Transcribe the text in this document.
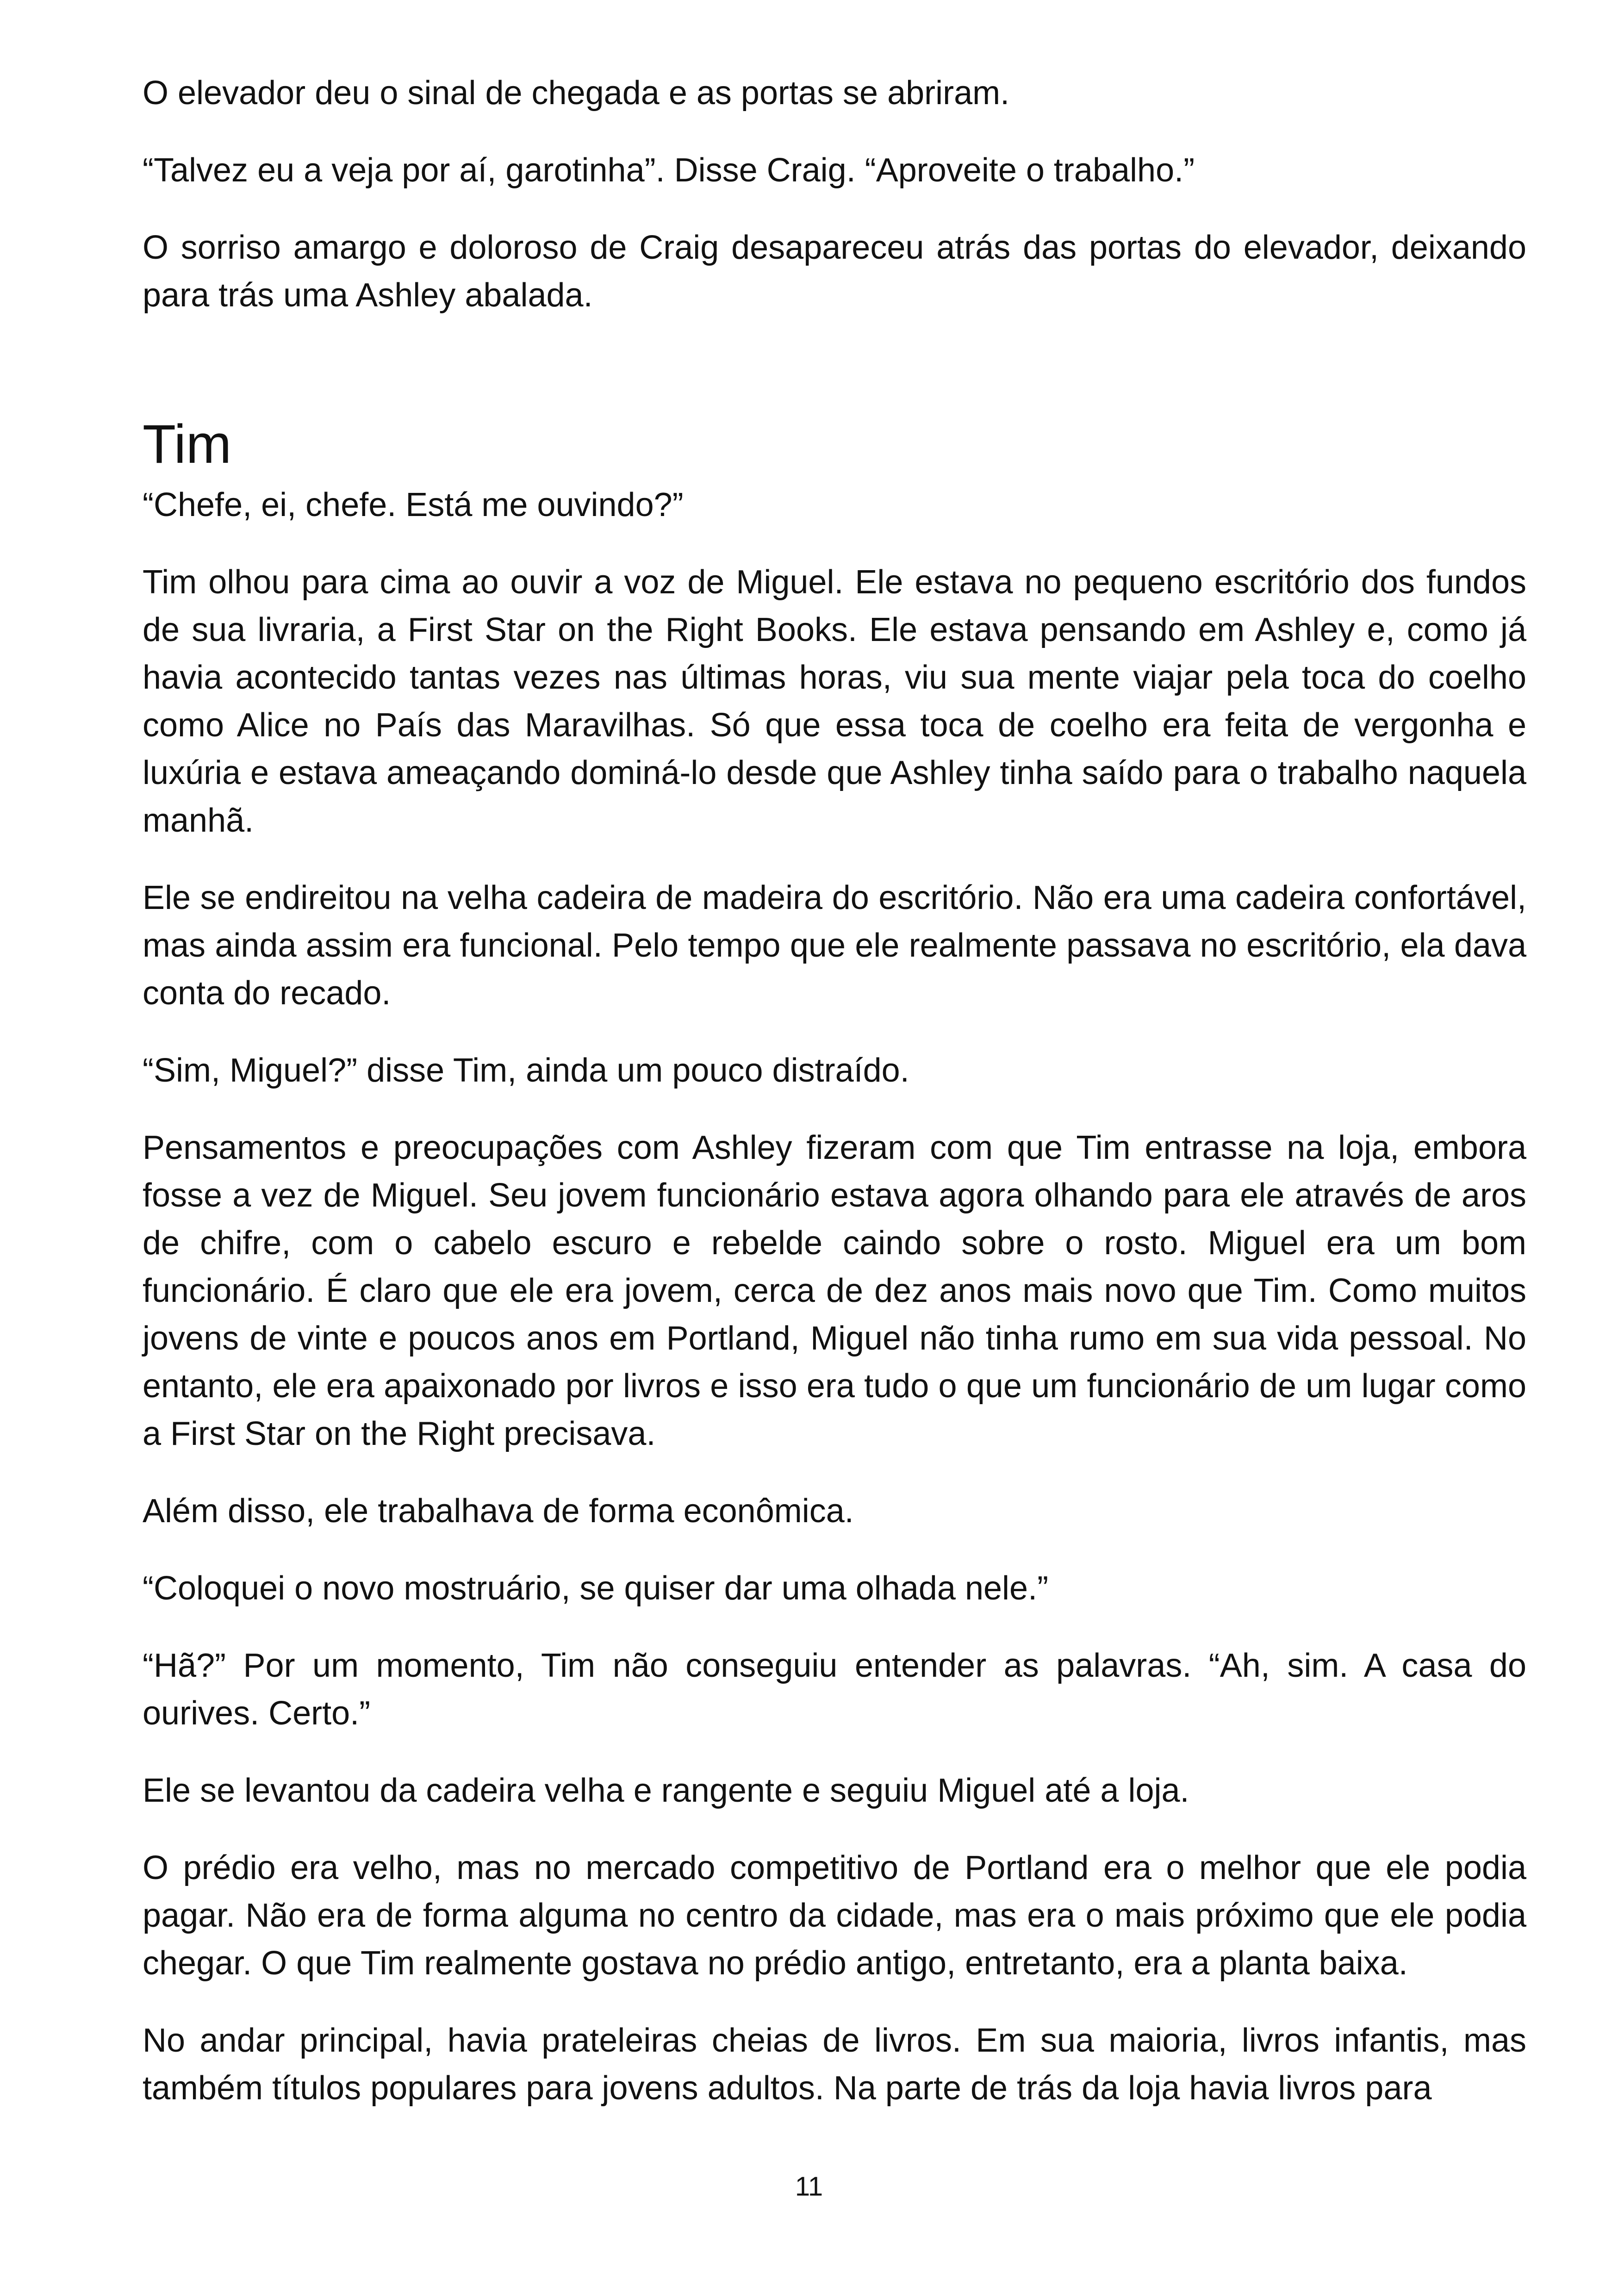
O elevador deu o sinal de chegada e as portas se abriram.

“Talvez eu a veja por aí, garotinha”. Disse Craig. “Aproveite o trabalho.”

O sorriso amargo e doloroso de Craig desapareceu atrás das portas do elevador, deixando para trás uma Ashley abalada.

Tim

“Chefe, ei, chefe. Está me ouvindo?”

Tim olhou para cima ao ouvir a voz de Miguel. Ele estava no pequeno escritório dos fundos de sua livraria, a First Star on the Right Books. Ele estava pensando em Ashley e, como já havia acontecido tantas vezes nas últimas horas, viu sua mente viajar pela toca do coelho como Alice no País das Maravilhas. Só que essa toca de coelho era feita de vergonha e luxúria e estava ameaçando dominá-lo desde que Ashley tinha saído para o trabalho naquela manhã.

Ele se endireitou na velha cadeira de madeira do escritório. Não era uma cadeira confortável, mas ainda assim era funcional. Pelo tempo que ele realmente passava no escritório, ela dava conta do recado.

“Sim, Miguel?” disse Tim, ainda um pouco distraído.

Pensamentos e preocupações com Ashley fizeram com que Tim entrasse na loja, embora fosse a vez de Miguel. Seu jovem funcionário estava agora olhando para ele através de aros de chifre, com o cabelo escuro e rebelde caindo sobre o rosto. Miguel era um bom funcionário. É claro que ele era jovem, cerca de dez anos mais novo que Tim. Como muitos jovens de vinte e poucos anos em Portland, Miguel não tinha rumo em sua vida pessoal. No entanto, ele era apaixonado por livros e isso era tudo o que um funcionário de um lugar como a First Star on the Right precisava.

Além disso, ele trabalhava de forma econômica.

“Coloquei o novo mostruário, se quiser dar uma olhada nele.”

“Hã?” Por um momento, Tim não conseguiu entender as palavras. “Ah, sim. A casa do ourives. Certo.”

Ele se levantou da cadeira velha e rangente e seguiu Miguel até a loja.

O prédio era velho, mas no mercado competitivo de Portland era o melhor que ele podia pagar. Não era de forma alguma no centro da cidade, mas era o mais próximo que ele podia chegar. O que Tim realmente gostava no prédio antigo, entretanto, era a planta baixa.

No andar principal, havia prateleiras cheias de livros. Em sua maioria, livros infantis, mas também títulos populares para jovens adultos. Na parte de trás da loja havia livros para

11
